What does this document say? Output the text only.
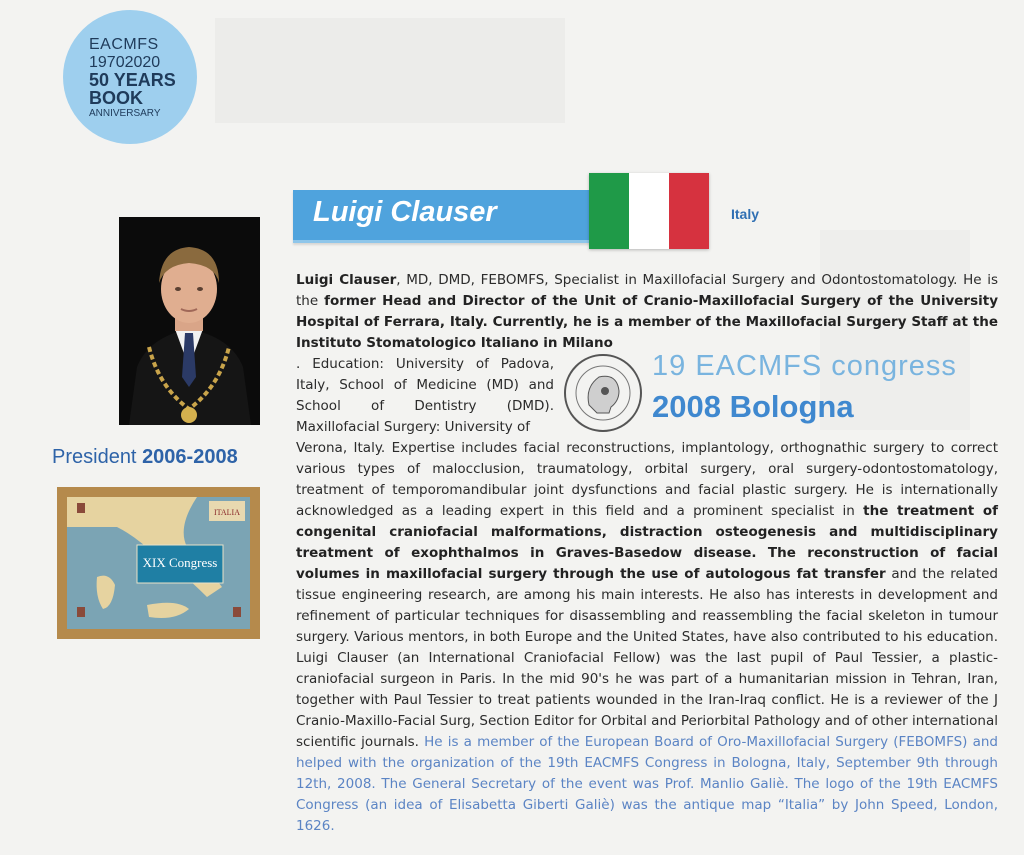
EACMFS
19702020
50 YEARS
BOOK
ANNIVERSARY
Luigi Clauser	Italy
President 2006-2008
ITALIA
XIX Congress
19 EACMFS congress
2008 Bologna

Luigi Clauser, MD, DMD, FEBOMFS, Specialist in Maxillofacial Surgery and Odontostomatology. He is the former Head and Director of the Unit of Cranio-Maxillofacial Surgery of the University Hospital of Ferrara, Italy. Currently, he is a member of the Maxillofacial Surgery Staff at the Instituto Stomatologico Italiano in Milano
. Education: University of Padova, Italy, School of Medicine (MD) and School of Dentistry (DMD). Maxillofacial Surgery: University of
Verona, Italy. Expertise includes facial reconstructions, implantology, orthognathic surgery to correct various types of malocclusion, traumatology, orbital surgery, oral surgery-odontostomatology, treatment of temporomandibular joint dysfunctions and facial plastic surgery. He is internationally acknowledged as a leading expert in this field and a prominent specialist in the treatment of congenital craniofacial malformations, distraction osteogenesis and multidisciplinary treatment of exophthalmos in Graves-Basedow disease. The reconstruction of facial volumes in maxillofacial surgery through the use of autologous fat transfer and the related tissue engineering research, are among his main interests. He also has interests in development and refinement of particular techniques for disassembling and reassembling the facial skeleton in tumour surgery. Various mentors, in both Europe and the United States, have also contributed to his education. Luigi Clauser (an International Craniofacial Fellow) was the last pupil of Paul Tessier, a plastic-craniofacial surgeon in Paris. In the mid 90's he was part of a humanitarian mission in Tehran, Iran, together with Paul Tessier to treat patients wounded in the Iran-Iraq conflict. He is a reviewer of the J Cranio-Maxillo-Facial Surg, Section Editor for Orbital and Periorbital Pathology and of other international scientific journals. He is a member of the European Board of Oro-Maxillofacial Surgery (FEBOMFS) and helped with the organization of the 19th EACMFS Congress in Bologna, Italy, September 9th through 12th, 2008. The General Secretary of the event was Prof. Manlio Galiè. The logo of the 19th EACMFS Congress (an idea of Elisabetta Giberti Galiè) was the antique map “Italia” by John Speed, London, 1626.
